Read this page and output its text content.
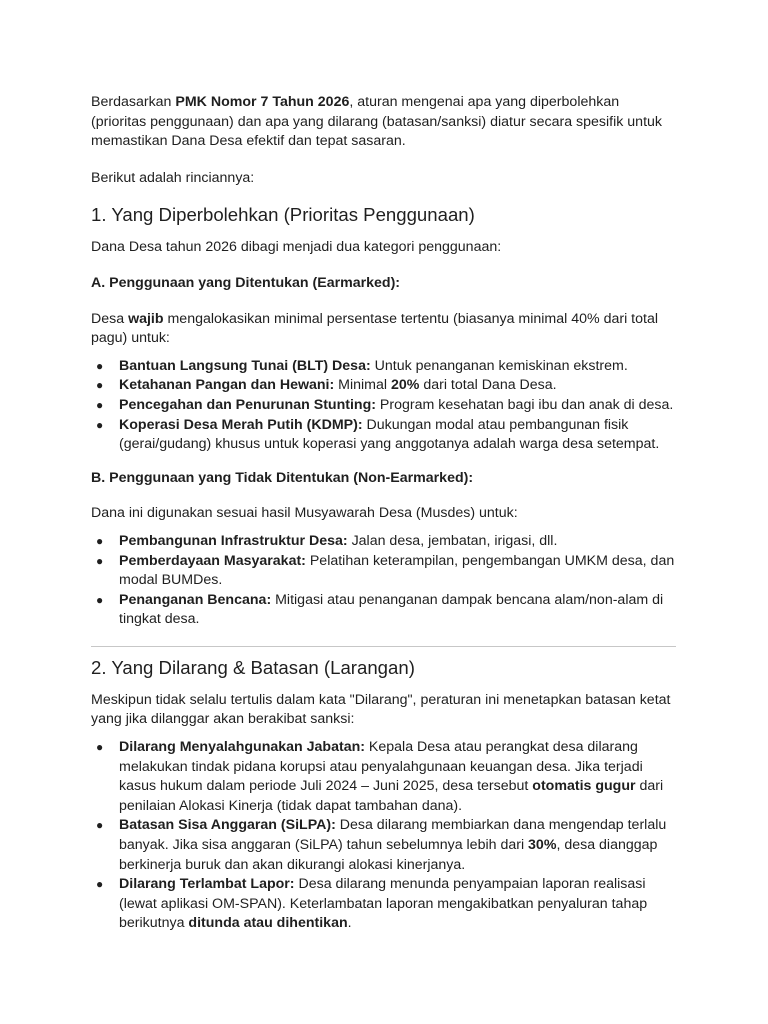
Berdasarkan PMK Nomor 7 Tahun 2026, aturan mengenai apa yang diperbolehkan (prioritas penggunaan) dan apa yang dilarang (batasan/sanksi) diatur secara spesifik untuk memastikan Dana Desa efektif dan tepat sasaran.

Berikut adalah rinciannya:

1. Yang Diperbolehkan (Prioritas Penggunaan)

Dana Desa tahun 2026 dibagi menjadi dua kategori penggunaan:

A. Penggunaan yang Ditentukan (Earmarked):

Desa wajib mengalokasikan minimal persentase tertentu (biasanya minimal 40% dari total pagu) untuk:

● Bantuan Langsung Tunai (BLT) Desa: Untuk penanganan kemiskinan ekstrem.
● Ketahanan Pangan dan Hewani: Minimal 20% dari total Dana Desa.
● Pencegahan dan Penurunan Stunting: Program kesehatan bagi ibu dan anak di desa.
● Koperasi Desa Merah Putih (KDMP): Dukungan modal atau pembangunan fisik (gerai/gudang) khusus untuk koperasi yang anggotanya adalah warga desa setempat.
B. Penggunaan yang Tidak Ditentukan (Non-Earmarked):

Dana ini digunakan sesuai hasil Musyawarah Desa (Musdes) untuk:

● Pembangunan Infrastruktur Desa: Jalan desa, jembatan, irigasi, dll.
● Pemberdayaan Masyarakat: Pelatihan keterampilan, pengembangan UMKM desa, dan modal BUMDes.
● Penanganan Bencana: Mitigasi atau penanganan dampak bencana alam/non-alam di tingkat desa.
2. Yang Dilarang & Batasan (Larangan)

Meskipun tidak selalu tertulis dalam kata "Dilarang", peraturan ini menetapkan batasan ketat yang jika dilanggar akan berakibat sanksi:

● Dilarang Menyalahgunakan Jabatan: Kepala Desa atau perangkat desa dilarang melakukan tindak pidana korupsi atau penyalahgunaan keuangan desa. Jika terjadi kasus hukum dalam periode Juli 2024 – Juni 2025, desa tersebut otomatis gugur dari penilaian Alokasi Kinerja (tidak dapat tambahan dana).
● Batasan Sisa Anggaran (SiLPA): Desa dilarang membiarkan dana mengendap terlalu banyak. Jika sisa anggaran (SiLPA) tahun sebelumnya lebih dari 30%, desa dianggap berkinerja buruk dan akan dikurangi alokasi kinerjanya.
● Dilarang Terlambat Lapor: Desa dilarang menunda penyampaian laporan realisasi (lewat aplikasi OM-SPAN). Keterlambatan laporan mengakibatkan penyaluran tahap berikutnya ditunda atau dihentikan.
